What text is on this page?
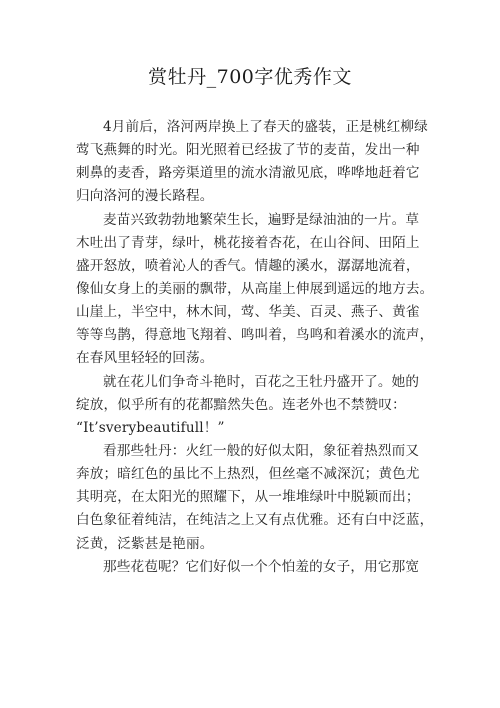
赏牡丹_700字优秀作文
4月前后，洛河两岸换上了春天的盛装，正是桃红柳绿
莺飞燕舞的时光。阳光照着已经拔了节的麦苗，发出一种
刺鼻的麦香，路旁渠道里的流水清澈见底，哗哗地赶着它
归向洛河的漫长路程。
麦苗兴致勃勃地繁荣生长，遍野是绿油油的一片。草
木吐出了青芽，绿叶，桃花接着杏花，在山谷间、田陌上
盛开怒放，喷着沁人的香气。情趣的溪水，潺潺地流着，
像仙女身上的美丽的飘带，从高崖上伸展到遥远的地方去。
山崖上，半空中，林木间，莺、华美、百灵、燕子、黄雀
等等鸟鹊，得意地飞翔着、鸣叫着，鸟鸣和着溪水的流声，
在春风里轻轻的回荡。
就在花儿们争奇斗艳时，百花之王牡丹盛开了。她的
绽放，似乎所有的花都黯然失色。连老外也不禁赞叹：
“It’sverybeautifull！”
看那些牡丹：火红一般的好似太阳，象征着热烈而又
奔放；暗红色的虽比不上热烈，但丝毫不减深沉；黄色尤
其明亮，在太阳光的照耀下，从一堆堆绿叶中脱颖而出；
白色象征着纯洁，在纯洁之上又有点优雅。还有白中泛蓝，
泛黄，泛紫甚是艳丽。
那些花苞呢？它们好似一个个怕羞的女子，用它那宽
